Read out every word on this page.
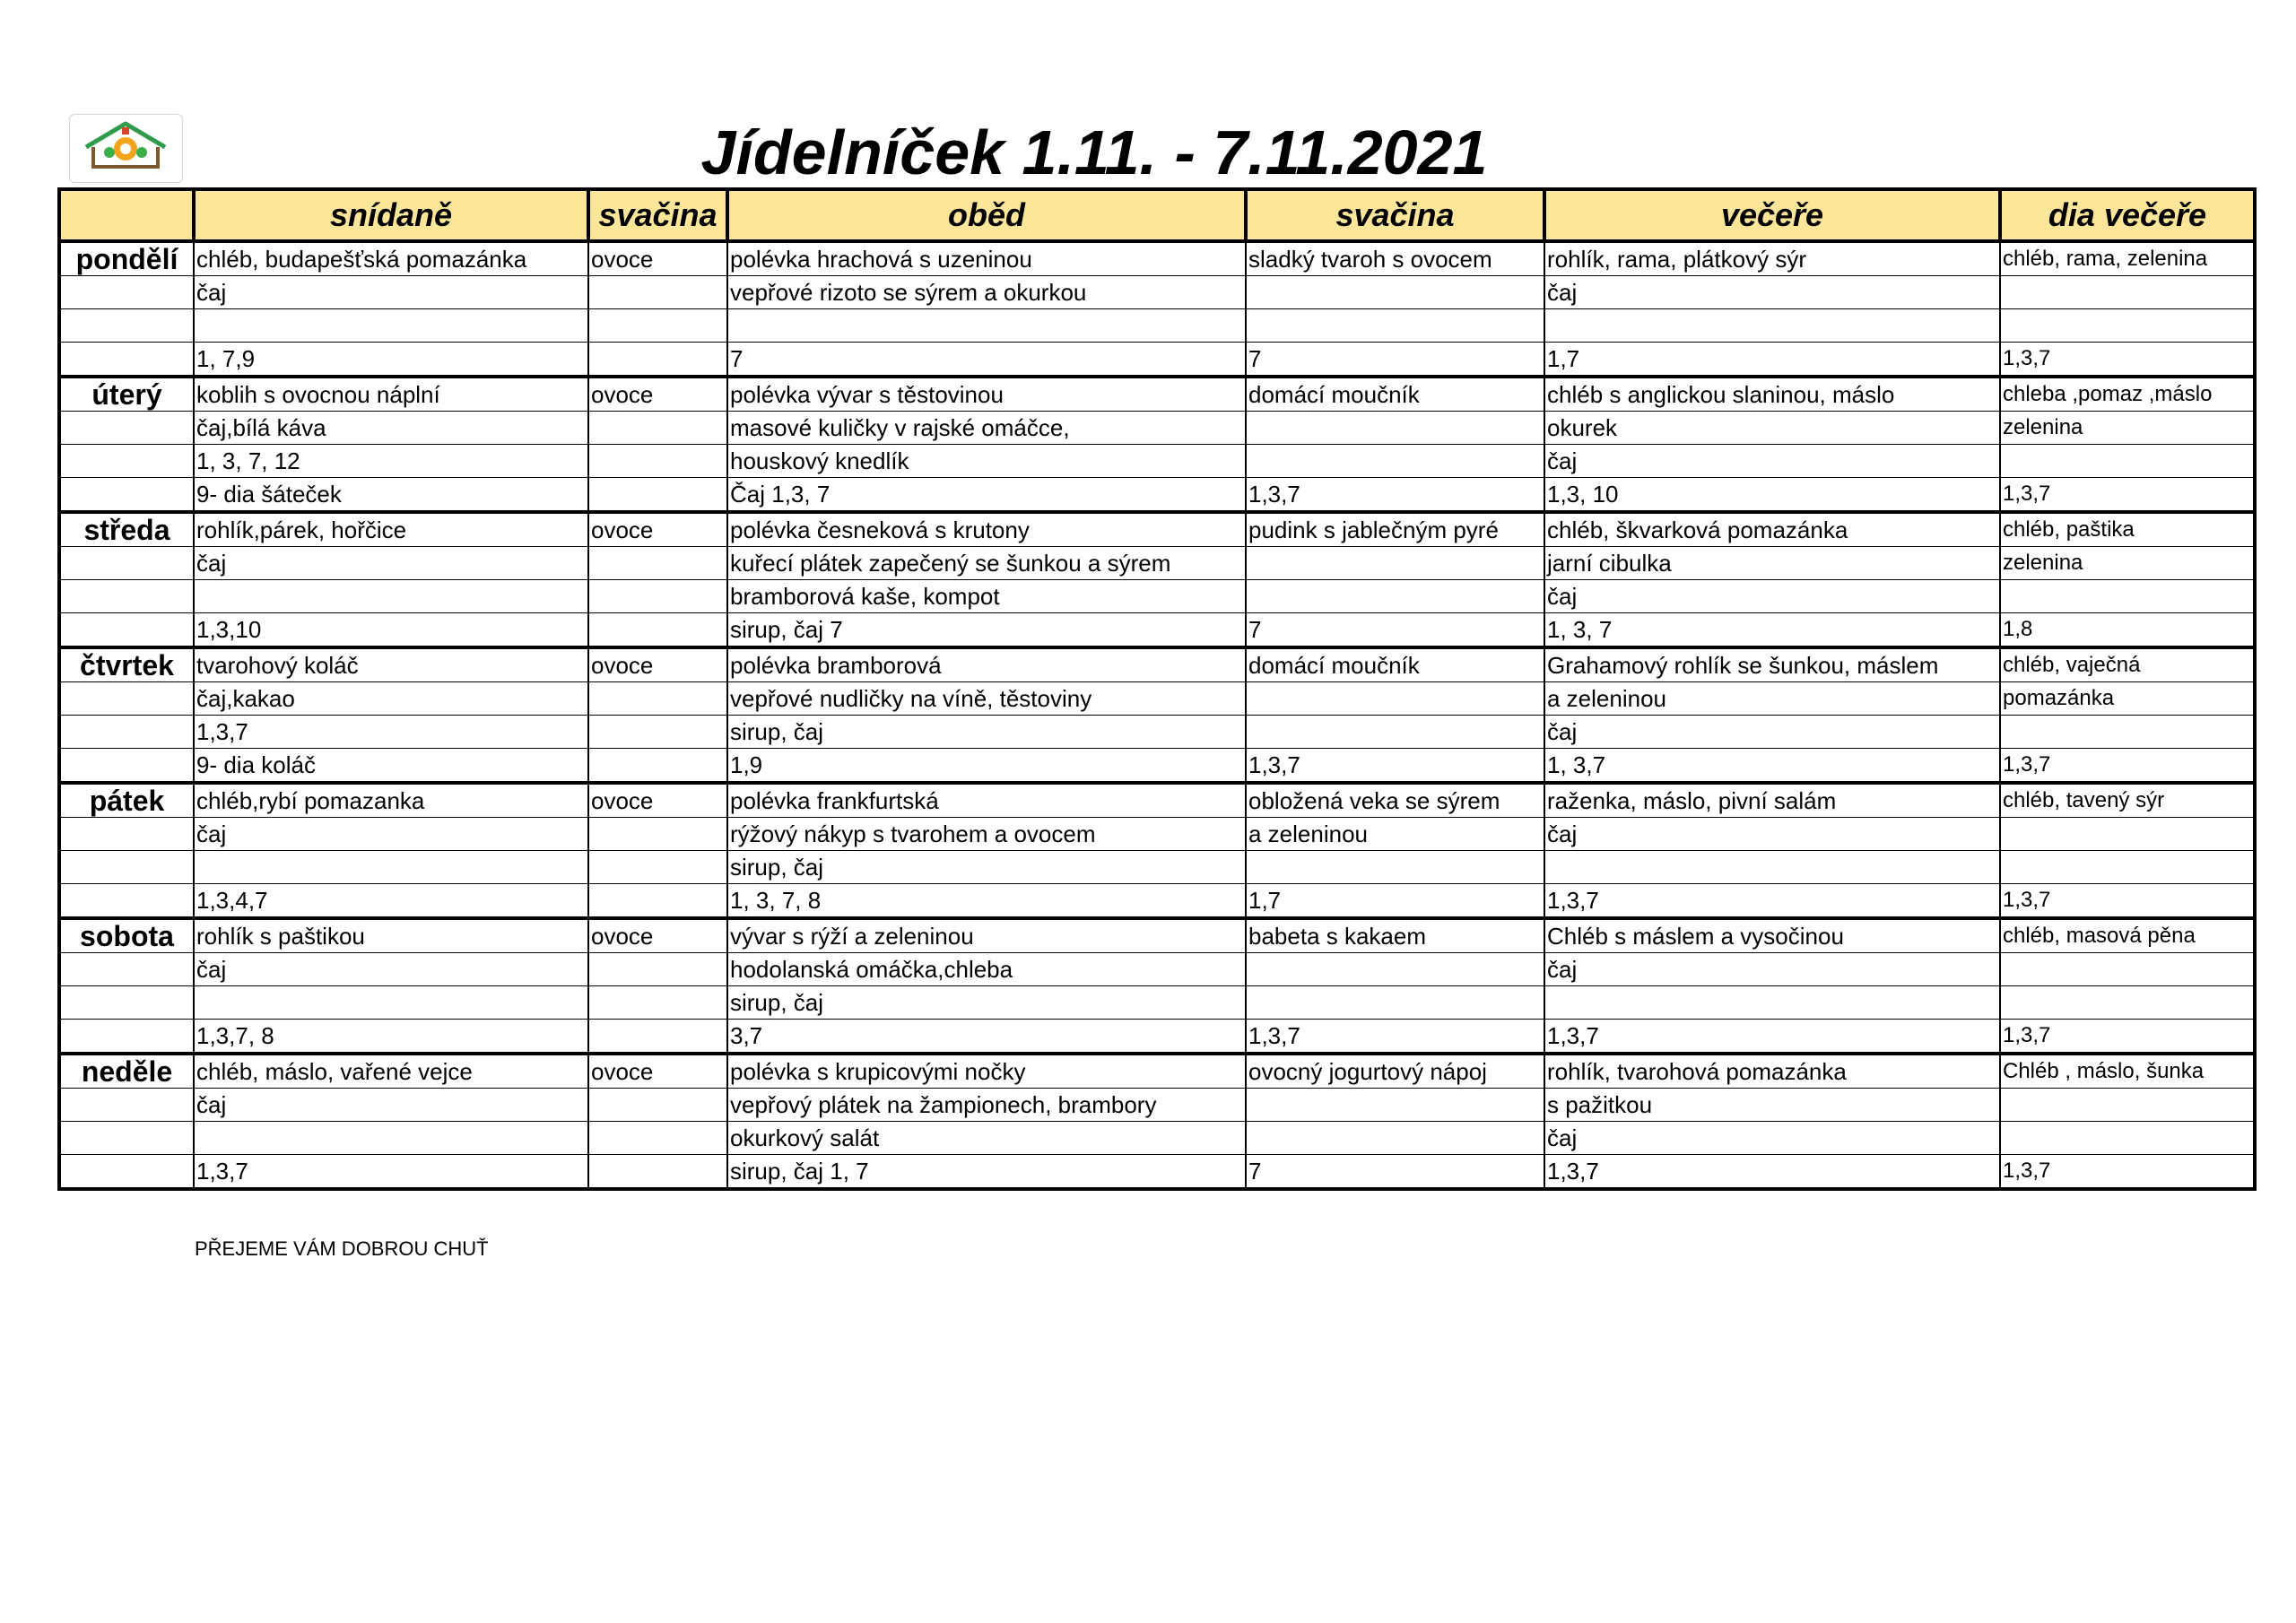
Jídelníček 1.11. - 7.11.2021
	snídaně	svačina	oběd	svačina	večeře	dia večeře
pondělí	chléb, budapešťská pomazánka	ovoce	polévka hrachová s uzeninou	sladký tvaroh s ovocem	rohlík, rama, plátkový sýr	chléb, rama, zelenina
	čaj		vepřové rizoto se sýrem a okurkou		čaj	

	1, 7,9		7	7	1,7	1,3,7
úterý	koblih s ovocnou náplní	ovoce	polévka vývar s těstovinou	domácí moučník	chléb s anglickou slaninou, máslo	chleba ,pomaz ,máslo
	čaj,bílá káva		masové kuličky v rajské omáčce,		okurek	zelenina
	1, 3, 7, 12		houskový knedlík		čaj	
	9- dia šáteček		Čaj 1,3, 7	1,3,7	1,3, 10	1,3,7
středa	rohlík,párek, hořčice	ovoce	polévka česneková s krutony	pudink s jablečným pyré	chléb, škvarková pomazánka	chléb, paštika
	čaj		kuřecí plátek zapečený se šunkou a sýrem		jarní cibulka	zelenina
			bramborová kaše, kompot		čaj	
	1,3,10		sirup, čaj 7	7	1, 3, 7	1,8
čtvrtek	tvarohový koláč	ovoce	polévka bramborová	domácí moučník	Grahamový rohlík se šunkou, máslem	chléb, vaječná
	čaj,kakao		vepřové nudličky na víně, těstoviny		a zeleninou	pomazánka
	1,3,7		sirup, čaj		čaj	
	9- dia koláč		1,9	1,3,7	1, 3,7	1,3,7
pátek	chléb,rybí pomazanka	ovoce	polévka frankfurtská	obložená veka se sýrem	raženka, máslo, pivní salám	chléb, tavený sýr
	čaj		rýžový nákyp s tvarohem a ovocem	a zeleninou	čaj	
			sirup, čaj			
	1,3,4,7		1, 3, 7, 8	1,7	1,3,7	1,3,7
sobota	rohlík s paštikou	ovoce	vývar s rýží a zeleninou	babeta s kakaem	Chléb s máslem a vysočinou	chléb, masová pěna
	čaj		hodolanská omáčka,chleba		čaj	
			sirup, čaj			
	1,3,7, 8		3,7	1,3,7	1,3,7	1,3,7
neděle	chléb, máslo, vařené vejce	ovoce	polévka s krupicovými nočky	ovocný jogurtový nápoj	rohlík, tvarohová pomazánka	Chléb , máslo, šunka
	čaj		vepřový plátek na žampionech, brambory		s pažitkou	
			okurkový salát		čaj	
	1,3,7		sirup, čaj 1, 7	7	1,3,7	1,3,7
PŘEJEME VÁM DOBROU CHUŤ
